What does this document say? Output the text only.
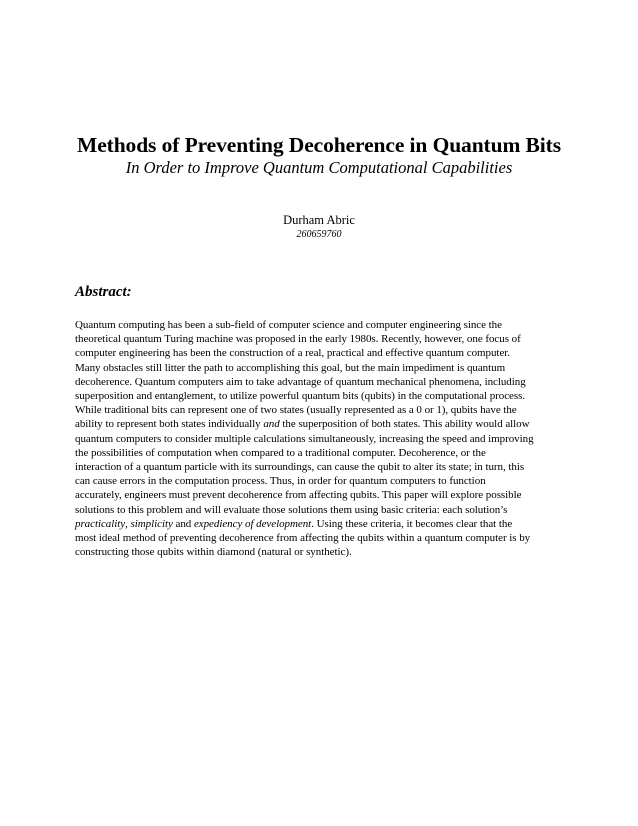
Methods of Preventing Decoherence in Quantum Bits
In Order to Improve Quantum Computational Capabilities
Durham Abric
260659760
Abstract:
Quantum computing has been a sub-field of computer science and computer engineering since the
theoretical quantum Turing machine was proposed in the early 1980s. Recently, however, one focus of
computer engineering has been the construction of a real, practical and effective quantum computer.
Many obstacles still litter the path to accomplishing this goal, but the main impediment is quantum
decoherence. Quantum computers aim to take advantage of quantum mechanical phenomena, including
superposition and entanglement, to utilize powerful quantum bits (qubits) in the computational process.
While traditional bits can represent one of two states (usually represented as a 0 or 1), qubits have the
ability to represent both states individually and the superposition of both states. This ability would allow
quantum computers to consider multiple calculations simultaneously, increasing the speed and improving
the possibilities of computation when compared to a traditional computer. Decoherence, or the
interaction of a quantum particle with its surroundings, can cause the qubit to alter its state; in turn, this
can cause errors in the computation process. Thus, in order for quantum computers to function
accurately, engineers must prevent decoherence from affecting qubits. This paper will explore possible
solutions to this problem and will evaluate those solutions them using basic criteria: each solution’s
practicality, simplicity and expediency of development. Using these criteria, it becomes clear that the
most ideal method of preventing decoherence from affecting the qubits within a quantum computer is by
constructing those qubits within diamond (natural or synthetic).
